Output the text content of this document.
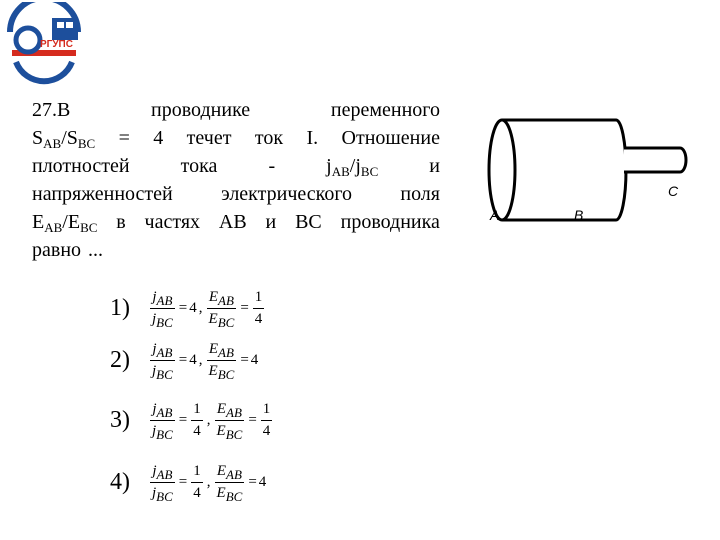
РГУПС
27.В	проводнике	переменного
$S_{AB}/S_{BC} = 4$ течет ток I. Отношение
плотностей	тока	-	$j_{AB}/j_{BC}$	и
напряженностей электрического поля
$E_{AB}/E_{BC}$ в частях АВ и ВС проводника
равно ...
A	B
C
1)	$\frac{j_{AB}}{j_{BC}} = 4$ , $\frac{E_{AB}}{E_{BC}} = \frac{1}{4}$
2)	$\frac{j_{AB}}{j_{BC}} = 4$ , $\frac{E_{AB}}{E_{BC}} = 4$
3)	$\frac{j_{AB}}{j_{BC}} = \frac{1}{4}$ , $\frac{E_{AB}}{E_{BC}} = \frac{1}{4}$
4)	$\frac{j_{AB}}{j_{BC}} = \frac{1}{4}$ , $\frac{E_{AB}}{E_{BC}} = 4$
